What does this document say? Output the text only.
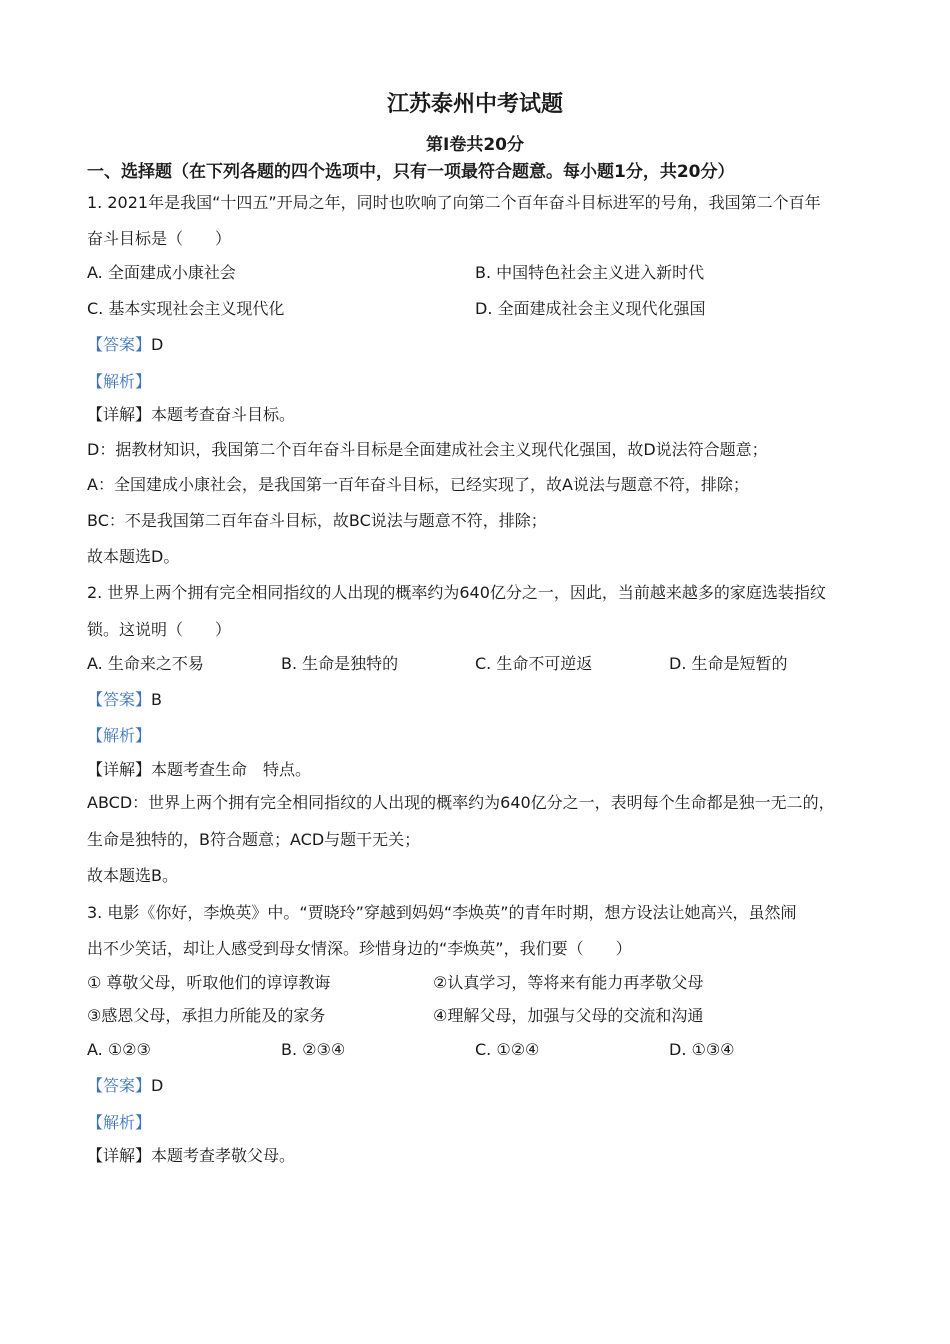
江苏泰州中考试题
第Ⅰ卷共20分
一、选择题（在下列各题的四个选项中，只有一项最符合题意。每小题1分，共20分）
1. 2021年是我国“十四五”开局之年，同时也吹响了向第二个百年奋斗目标进军的号角，我国第二个百年
奋斗目标是（　　）
A. 全面建成小康社会	B. 中国特色社会主义进入新时代
C. 基本实现社会主义现代化	D. 全面建成社会主义现代化强国
【答案】D
【解析】
【详解】本题考查奋斗目标。
D：据教材知识，我国第二个百年奋斗目标是全面建成社会主义现代化强国，故D说法符合题意；
A：全国建成小康社会，是我国第一百年奋斗目标，已经实现了，故A说法与题意不符，排除；
BC：不是我国第二百年奋斗目标，故BC说法与题意不符，排除；
故本题选D。
2. 世界上两个拥有完全相同指纹的人出现的概率约为640亿分之一，因此，当前越来越多的家庭选装指纹
锁。这说明（　　）
A. 生命来之不易	B. 生命是独特的	C. 生命不可逆返	D. 生命是短暂的
【答案】B
【解析】
【详解】本题考查生命　特点。
ABCD：世界上两个拥有完全相同指纹的人出现的概率约为640亿分之一，表明每个生命都是独一无二的，
生命是独特的，B符合题意；ACD与题干无关；
故本题选B。
3. 电影《你好，李焕英》中。“贾晓玲”穿越到妈妈“李焕英”的青年时期，想方设法让她高兴，虽然闹
出不少笑话，却让人感受到母女情深。珍惜身边的“李焕英”，我们要（　　）
① 尊敬父母，听取他们的谆谆教诲	②认真学习，等将来有能力再孝敬父母
③感恩父母，承担力所能及的家务	④理解父母，加强与父母的交流和沟通
A. ①②③	B. ②③④	C. ①②④	D. ①③④
【答案】D
【解析】
【详解】本题考查孝敬父母。
